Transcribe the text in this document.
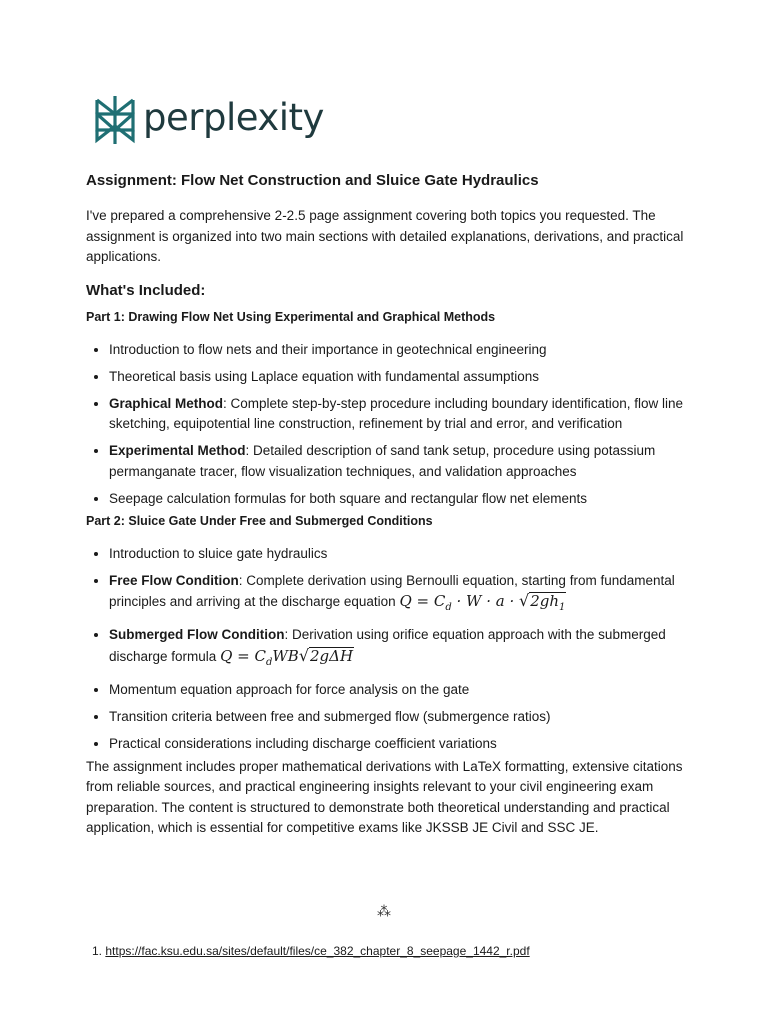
perplexity
Assignment: Flow Net Construction and Sluice Gate Hydraulics

I've prepared a comprehensive 2-2.5 page assignment covering both topics you requested. The assignment is organized into two main sections with detailed explanations, derivations, and practical applications.

What's Included:
Part 1: Drawing Flow Net Using Experimental and Graphical Methods
• Introduction to flow nets and their importance in geotechnical engineering
• Theoretical basis using Laplace equation with fundamental assumptions
• Graphical Method: Complete step-by-step procedure including boundary identification, flow line sketching, equipotential line construction, refinement by trial and error, and verification
• Experimental Method: Detailed description of sand tank setup, procedure using potassium permanganate tracer, flow visualization techniques, and validation approaches
• Seepage calculation formulas for both square and rectangular flow net elements
Part 2: Sluice Gate Under Free and Submerged Conditions
• Introduction to sluice gate hydraulics
• Free Flow Condition: Complete derivation using Bernoulli equation, starting from fundamental principles and arriving at the discharge equation $Q = C_d \cdot W \cdot a \cdot √2gh_1$
• Submerged Flow Condition: Derivation using orifice equation approach with the submerged discharge formula $Q = C_dWB√2g\Delta H$
• Momentum equation approach for force analysis on the gate
• Transition criteria between free and submerged flow (submergence ratios)
• Practical considerations including discharge coefficient variations

The assignment includes proper mathematical derivations with LaTeX formatting, extensive citations from reliable sources, and practical engineering insights relevant to your civil engineering exam preparation. The content is structured to demonstrate both theoretical understanding and practical application, which is essential for competitive exams like JKSSB JE Civil and SSC JE.

⁂
1. https://fac.ksu.edu.sa/sites/default/files/ce_382_chapter_8_seepage_1442_r.pdf
